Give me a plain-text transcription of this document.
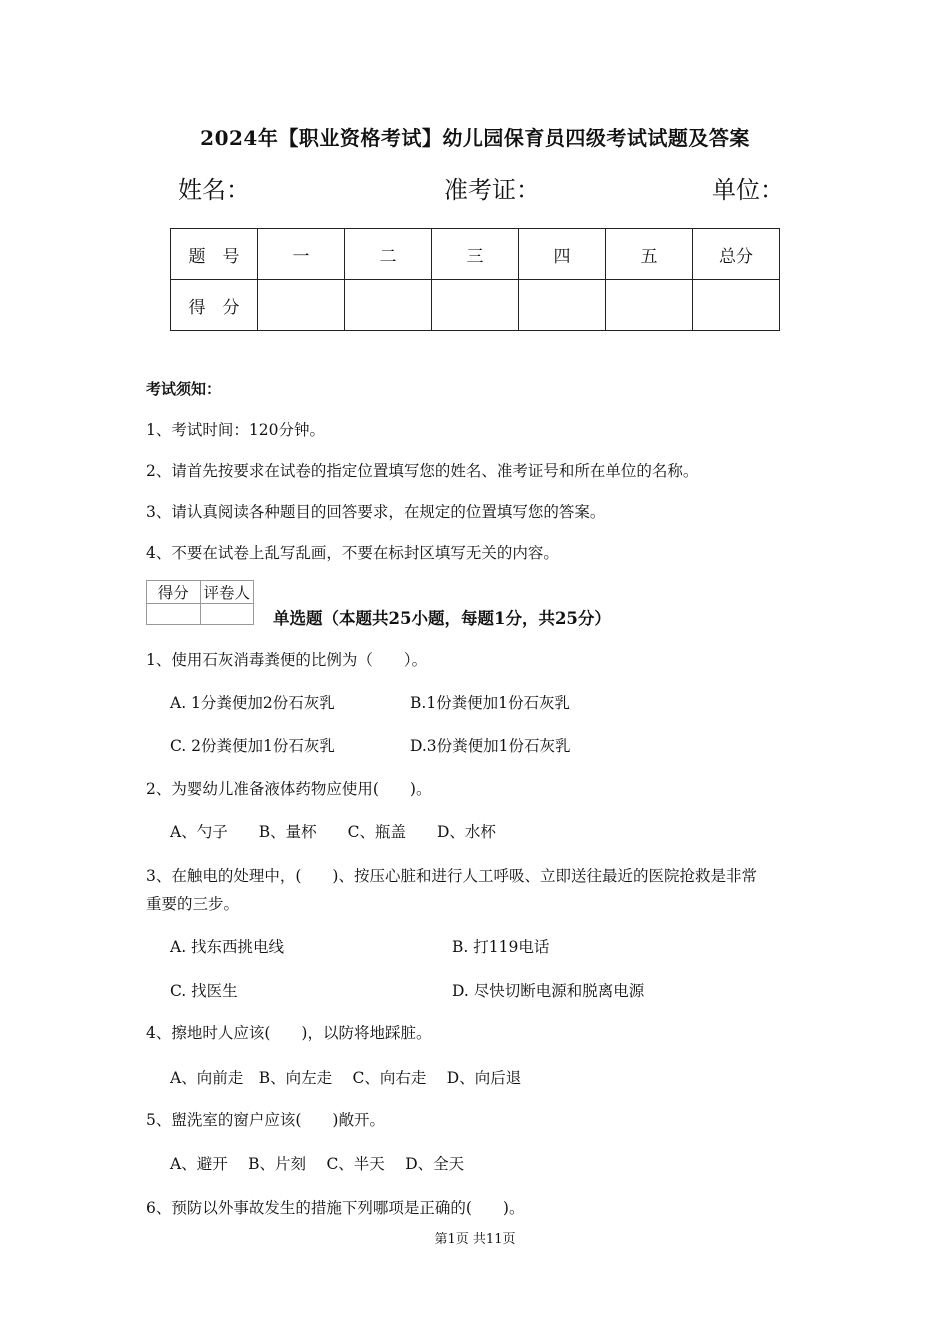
2024年【职业资格考试】幼儿园保育员四级考试试题及答案
姓名：	准考证：	单位：
题　号	一	二	三	四	五	总分
得　分						
考试须知：
1、考试时间：120分钟。
2、请首先按要求在试卷的指定位置填写您的姓名、准考证号和所在单位的名称。
3、请认真阅读各种题目的回答要求，在规定的位置填写您的答案。
4、不要在试卷上乱写乱画，不要在标封区填写无关的内容。
得分	评卷人

单选题（本题共25小题，每题1分，共25分）
1、使用石灰消毒粪便的比例为（　　）。
A. 1分粪便加2份石灰乳	B.1份粪便加1份石灰乳
C. 2份粪便加1份石灰乳	D.3份粪便加1份石灰乳
2、为婴幼儿准备液体药物应使用(　　)。
A、勺子　　B、量杯　　C、瓶盖　　D、水杯
3、在触电的处理中，(　　)、按压心脏和进行人工呼吸、立即送往最近的医院抢救是非常
重要的三步。
A. 找东西挑电线	B. 打119电话
C. 找医生	D. 尽快切断电源和脱离电源
4、擦地时人应该(　　)，以防将地踩脏。
A、向前走　B、向左走　 C、向右走　 D、向后退
5、盥洗室的窗户应该(　　)敞开。
A、避开　 B、片刻　 C、半天　 D、全天
6、预防以外事故发生的措施下列哪项是正确的(　　)。
第1页 共11页
